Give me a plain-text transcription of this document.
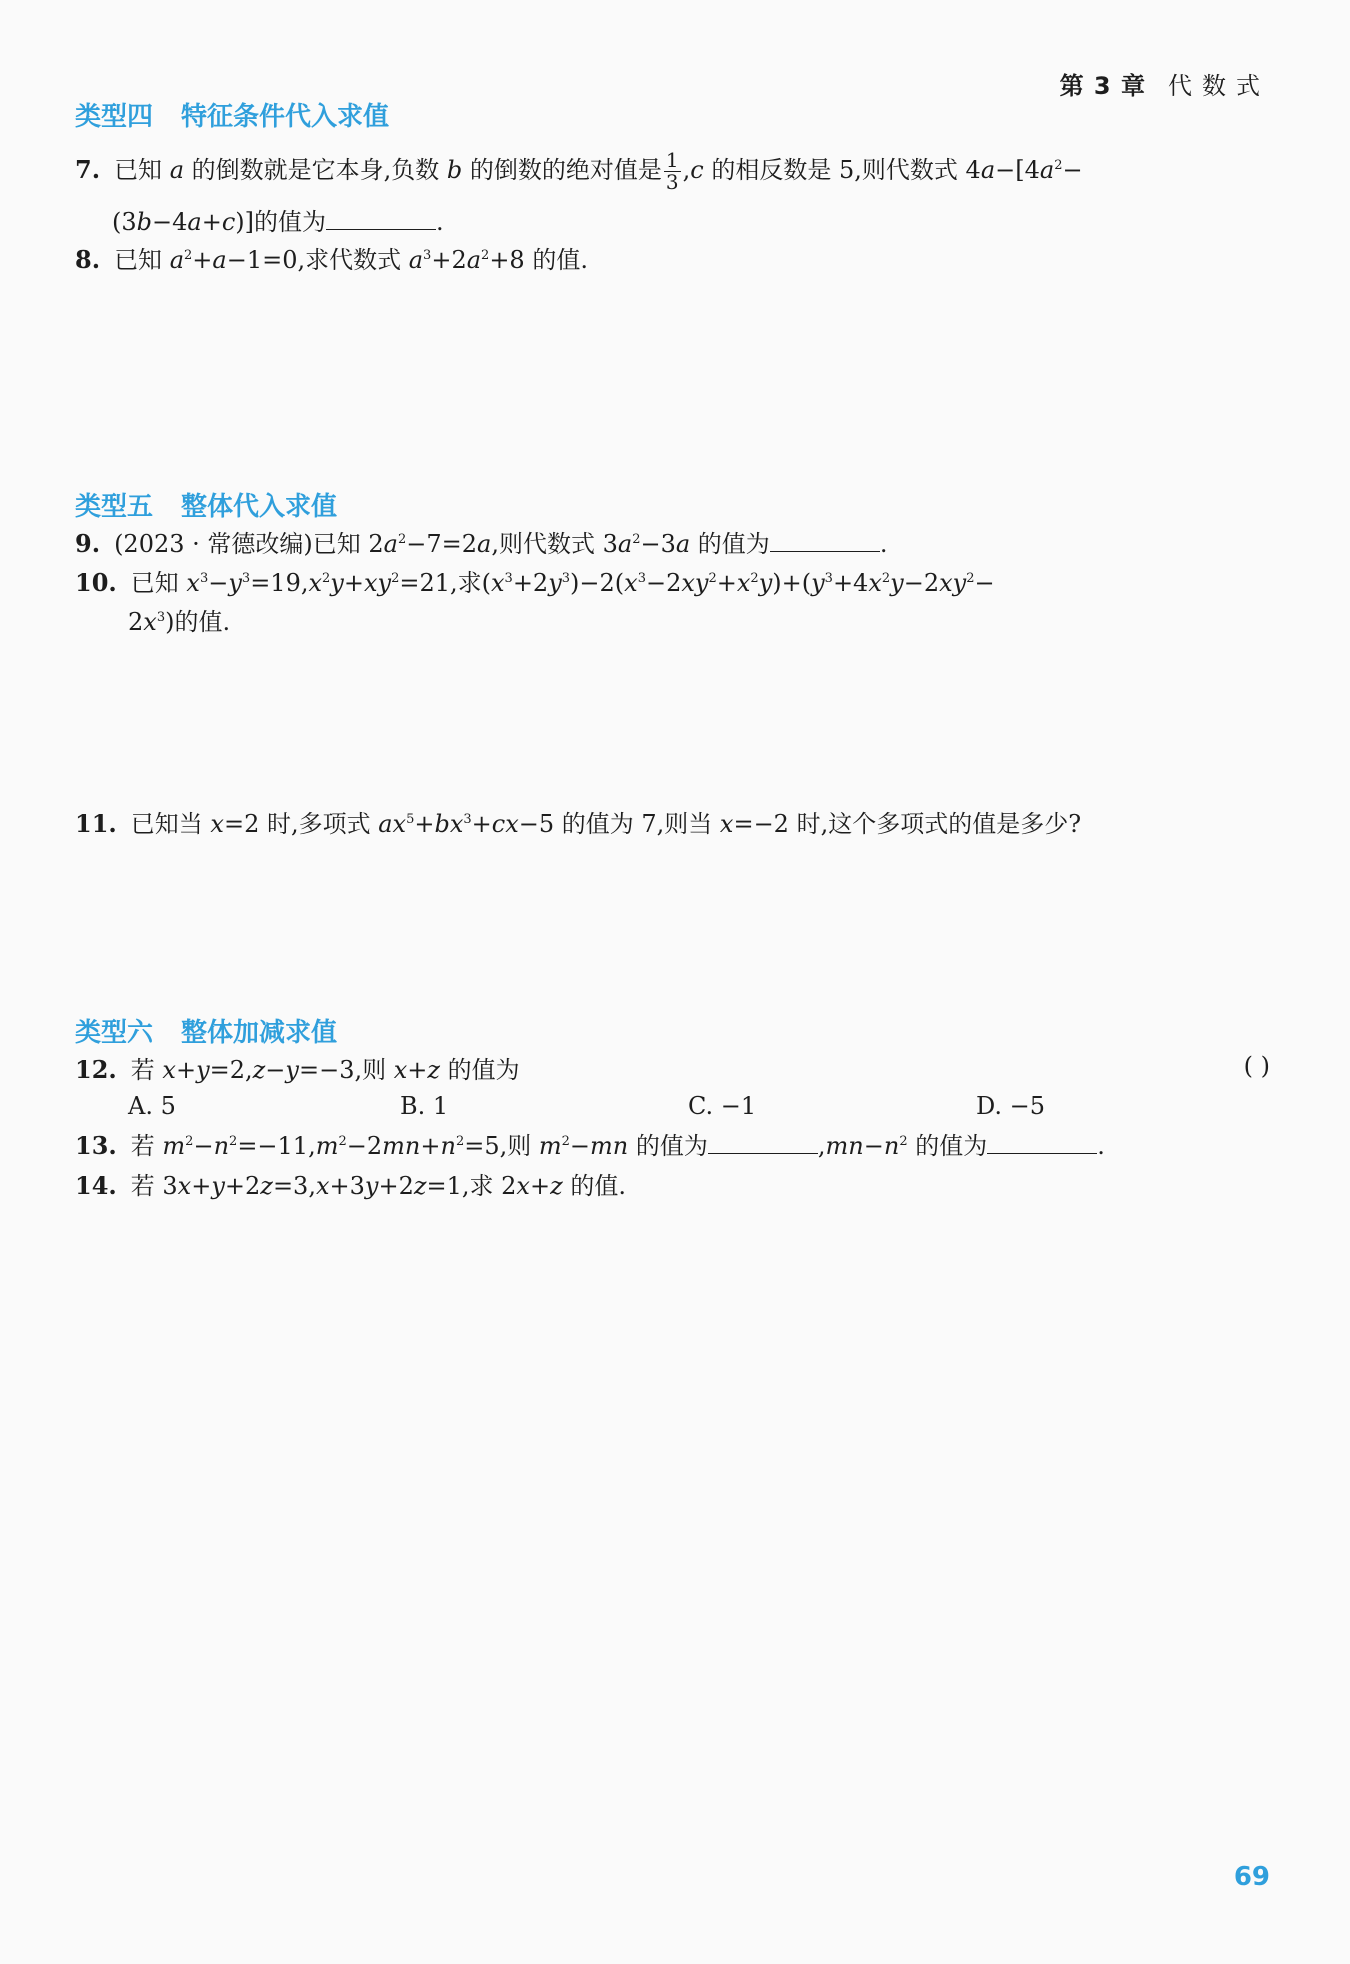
第 3 章 代数式
类型四 特征条件代入求值
7. 已知 a 的倒数就是它本身,负数 b 的倒数的绝对值是 $\frac{1}{3} ,c$ 的相反数是 5,则代数式 $4a-[4a^2-$
(3b−4a+c)]的值为	.
8. 已知 $a^2+a-1=0$,求代数式 $a^3+2a^2+8$ 的值.
类型五 整体代入求值
9. (2023 · 常德改编)已知 $2a^2-7=2a$,则代数式 $3a^2-3a$ 的值为	.
10. 已知 $x^3-y^3=19,x^2y+xy^2=21$,求$(x^3+2y^3)-2(x^3-2xy^2+x^2y)+(y^3+4x^2y-2xy^2-$
$2x^3$)的值.
11. 已知当 x=2 时,多项式 $ax^5+bx^3+cx-5$ 的值为 7,则当 x=−2 时,这个多项式的值是多少?
类型六 整体加减求值
12. 若 x+y=2,z−y=−3,则 x+z 的值为	( )
A. 5	B. 1	C. −1	D. −5
13. 若 $m^2-n^2=-11,m^2-2mn+n^2=5$,则 $m^2-mn$ 的值为	$,mn-n^2$ 的值为	.
14. 若 3x+y+2z=3,x+3y+2z=1,求 2x+z 的值.
69
